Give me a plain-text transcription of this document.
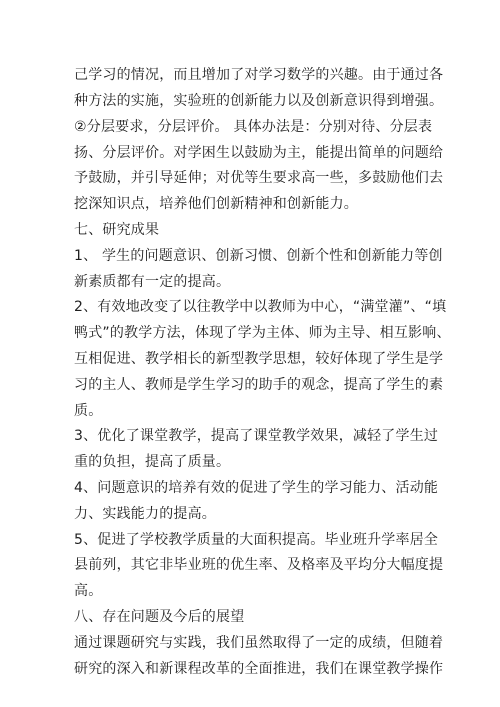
己学习的情况，而且增加了对学习数学的兴趣。由于通过各
种方法的实施，实验班的创新能力以及创新意识得到增强。
②分层要求，分层评价。 具体办法是：分别对待、分层表
扬、分层评价。对学困生以鼓励为主，能提出简单的问题给
予鼓励，并引导延伸；对优等生要求高一些，多鼓励他们去
挖深知识点，培养他们创新精神和创新能力。
七、研究成果
1、 学生的问题意识、创新习惯、创新个性和创新能力等创
新素质都有一定的提高。
2、有效地改变了以往教学中以教师为中心，“满堂灌”、“填
鸭式”的教学方法，体现了学为主体、师为主导、相互影响、
互相促进、教学相长的新型教学思想，较好体现了学生是学
习的主人、教师是学生学习的助手的观念，提高了学生的素
质。
3、优化了课堂教学，提高了课堂教学效果，减轻了学生过
重的负担，提高了质量。
4、问题意识的培养有效的促进了学生的学习能力、活动能
力、实践能力的提高。
5、促进了学校教学质量的大面积提高。毕业班升学率居全
县前列，其它非毕业班的优生率、及格率及平均分大幅度提
高。
八、存在问题及今后的展望
通过课题研究与实践，我们虽然取得了一定的成绩，但随着
研究的深入和新课程改革的全面推进，我们在课堂教学操作
